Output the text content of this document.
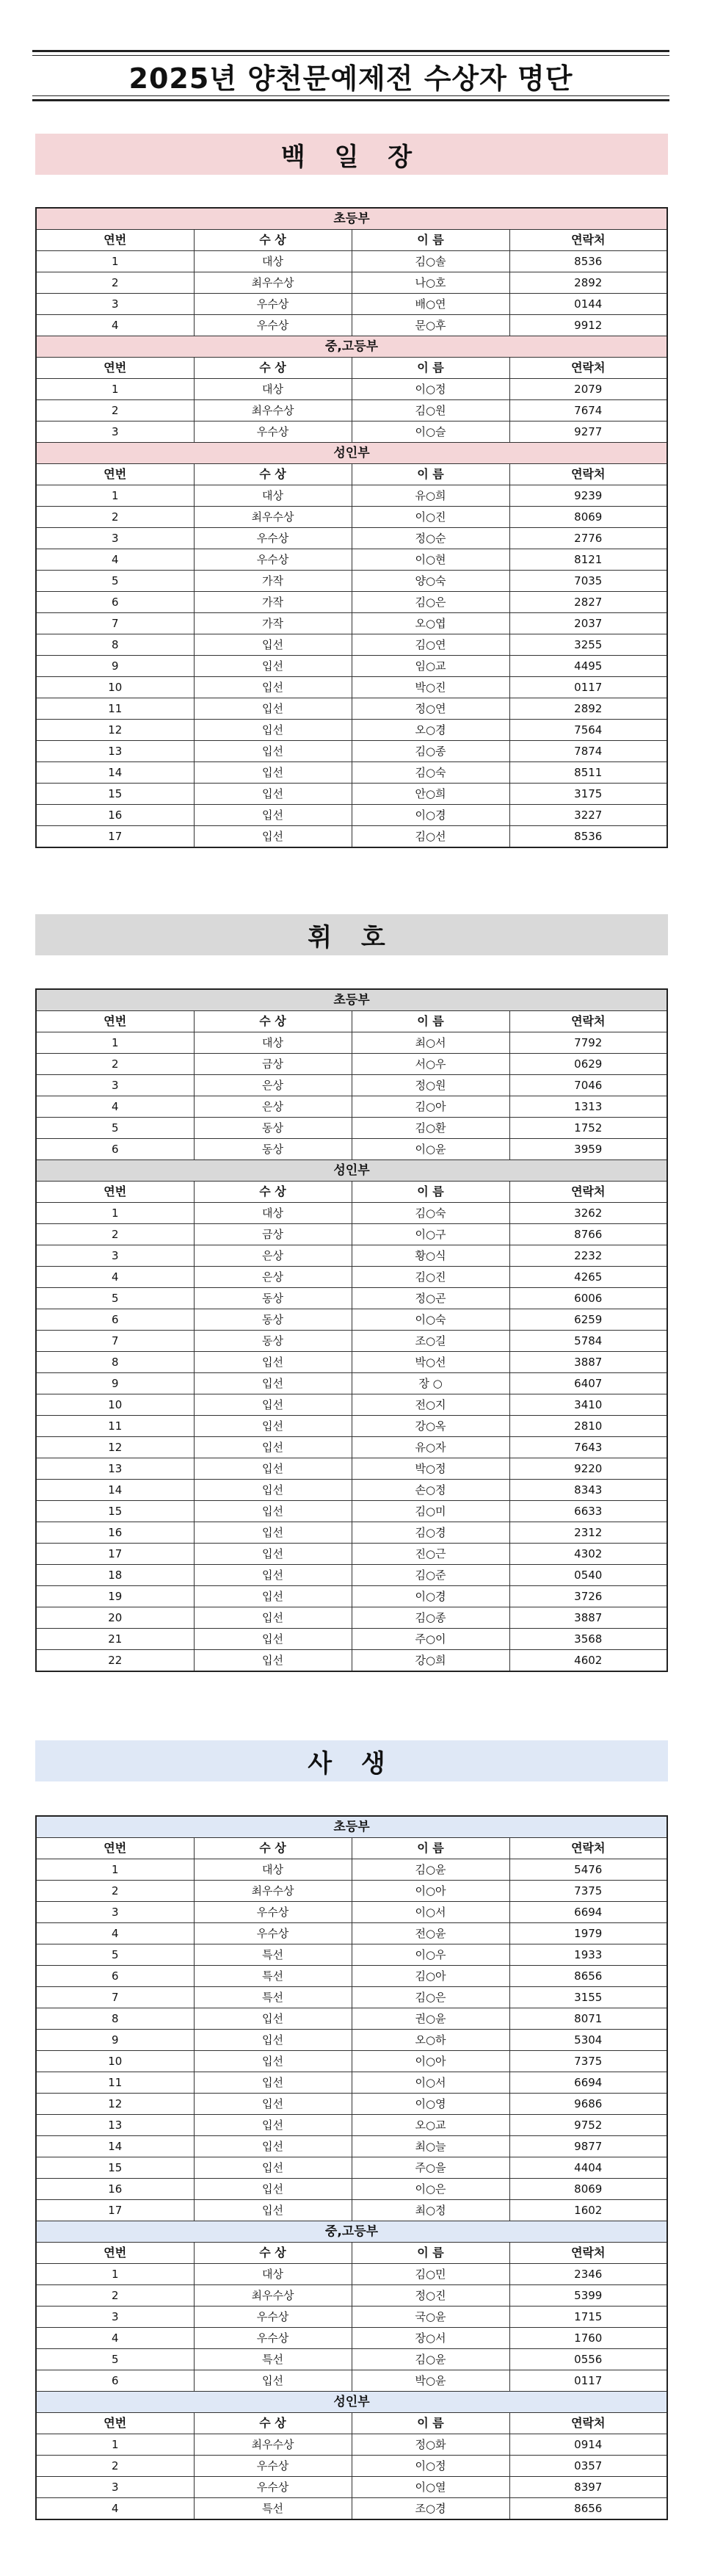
2025년 양천문예제전 수상자 명단
백 일 장
초등부			
연번	수 상	이 름	연락처
1	대상	김○솔	8536
2	최우수상	나○호	2892
3	우수상	배○연	0144
4	우수상	문○후	9912
중,고등부			
연번	수 상	이 름	연락처
1	대상	이○정	2079
2	최우수상	김○원	7674
3	우수상	이○슬	9277
성인부			
연번	수 상	이 름	연락처
1	대상	유○희	9239
2	최우수상	이○진	8069
3	우수상	정○순	2776
4	우수상	이○현	8121
5	가작	양○숙	7035
6	가작	김○은	2827
7	가작	오○엽	2037
8	입선	김○연	3255
9	입선	임○교	4495
10	입선	박○진	0117
11	입선	정○연	2892
12	입선	오○경	7564
13	입선	김○종	7874
14	입선	김○숙	8511
15	입선	안○희	3175
16	입선	이○경	3227
17	입선	김○선	8536
휘 호
초등부			
연번	수 상	이 름	연락처
1	대상	최○서	7792
2	금상	서○우	0629
3	은상	정○원	7046
4	은상	김○아	1313
5	동상	김○환	1752
6	동상	이○윤	3959
성인부			
연번	수 상	이 름	연락처
1	대상	김○숙	3262
2	금상	이○구	8766
3	은상	황○식	2232
4	은상	김○진	4265
5	동상	정○곤	6006
6	동상	이○숙	6259
7	동상	조○길	5784
8	입선	박○선	3887
9	입선	장 ○	6407
10	입선	전○지	3410
11	입선	강○옥	2810
12	입선	유○자	7643
13	입선	박○정	9220
14	입선	손○정	8343
15	입선	김○미	6633
16	입선	김○경	2312
17	입선	진○근	4302
18	입선	김○준	0540
19	입선	이○경	3726
20	입선	김○종	3887
21	입선	주○이	3568
22	입선	강○희	4602
사 생
초등부			
연번	수 상	이 름	연락처
1	대상	김○윤	5476
2	최우수상	이○아	7375
3	우수상	이○서	6694
4	우수상	전○윤	1979
5	특선	이○우	1933
6	특선	김○아	8656
7	특선	김○은	3155
8	입선	권○윤	8071
9	입선	오○하	5304
10	입선	이○아	7375
11	입선	이○서	6694
12	입선	이○영	9686
13	입선	오○교	9752
14	입선	최○늘	9877
15	입선	주○을	4404
16	입선	이○은	8069
17	입선	최○정	1602
중,고등부			
연번	수 상	이 름	연락처
1	대상	김○민	2346
2	최우수상	정○진	5399
3	우수상	국○윤	1715
4	우수상	장○서	1760
5	특선	김○윤	0556
6	입선	박○윤	0117
성인부			
연번	수 상	이 름	연락처
1	최우수상	정○화	0914
2	우수상	이○정	0357
3	우수상	이○열	8397
4	특선	조○경	8656
